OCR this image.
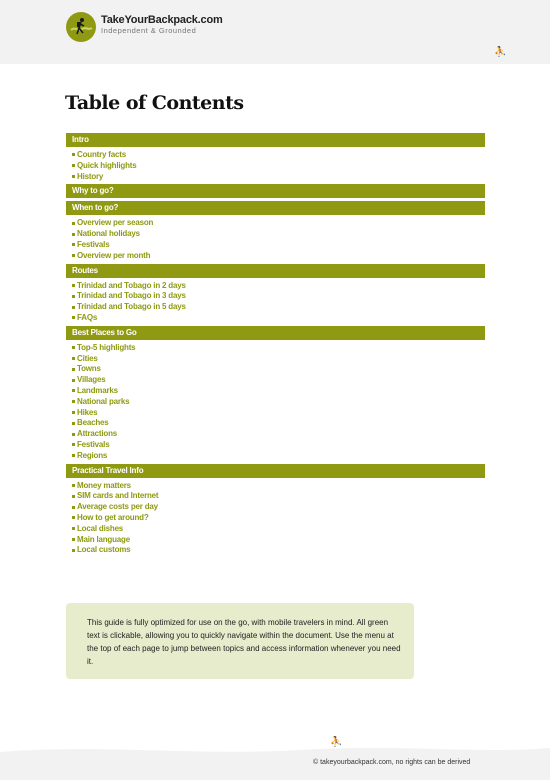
TakeYourBackpack.com
Independent & Grounded
⛹
Table of Contents
Intro
Country facts
Quick highlights
History
Why to go?
When to go?
Overview per season
National holidays
Festivals
Overview per month
Routes
Trinidad and Tobago in 2 days
Trinidad and Tobago in 3 days
Trinidad and Tobago in 5 days
FAQs
Best Places to Go
Top-5 highlights
Cities
Towns
Villages
Landmarks
National parks
Hikes
Beaches
Attractions
Festivals
Regions
Practical Travel Info
Money matters
SIM cards and Internet
Average costs per day
How to get around?
Local dishes
Main language
Local customs

This guide is fully optimized for use on the go, with mobile travelers in mind. All green text is clickable, allowing you to quickly navigate within the document. Use the menu at the top of each page to jump between topics and access information whenever you need it.

⛹
© takeyourbackpack.com, no rights can be derived
